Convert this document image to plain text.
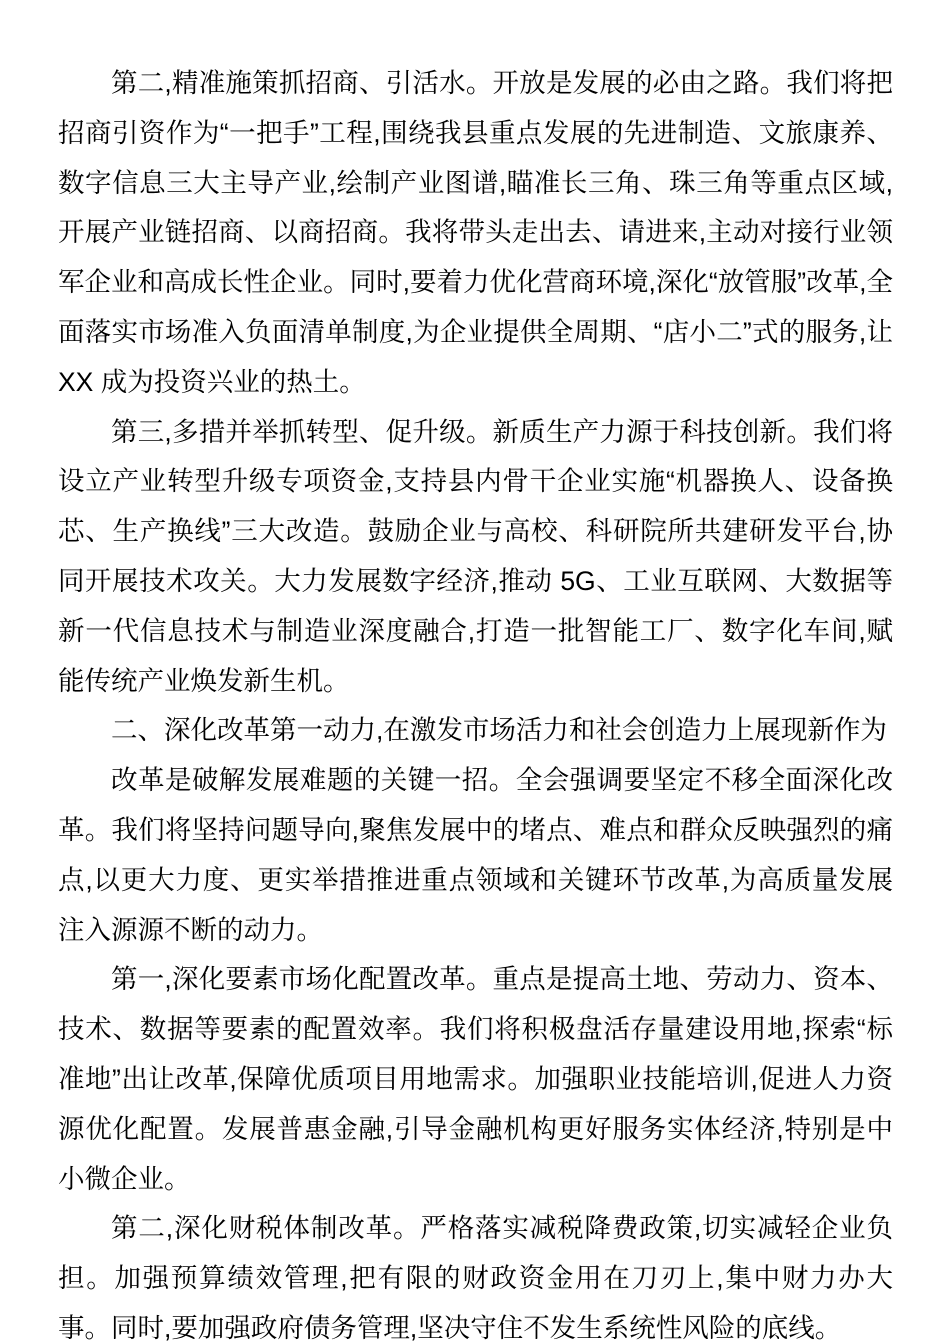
第二,精准施策抓招商、引活水。开放是发展的必由之路。我们将把招商引资作为“一把手”工程,围绕我县重点发展的先进制造、文旅康养、数字信息三大主导产业,绘制产业图谱,瞄准长三角、珠三角等重点区域,开展产业链招商、以商招商。我将带头走出去、请进来,主动对接行业领军企业和高成长性企业。同时,要着力优化营商环境,深化“放管服”改革,全面落实市场准入负面清单制度,为企业提供全周期、“店小二”式的服务,让 XX 成为投资兴业的热土。

第三,多措并举抓转型、促升级。新质生产力源于科技创新。我们将设立产业转型升级专项资金,支持县内骨干企业实施“机器换人、设备换芯、生产换线”三大改造。鼓励企业与高校、科研院所共建研发平台,协同开展技术攻关。大力发展数字经济,推动 5G、工业互联网、大数据等新一代信息技术与制造业深度融合,打造一批智能工厂、数字化车间,赋能传统产业焕发新生机。

二、深化改革第一动力,在激发市场活力和社会创造力上展现新作为

改革是破解发展难题的关键一招。全会强调要坚定不移全面深化改革。我们将坚持问题导向,聚焦发展中的堵点、难点和群众反映强烈的痛点,以更大力度、更实举措推进重点领域和关键环节改革,为高质量发展注入源源不断的动力。

第一,深化要素市场化配置改革。重点是提高土地、劳动力、资本、技术、数据等要素的配置效率。我们将积极盘活存量建设用地,探索“标准地”出让改革,保障优质项目用地需求。加强职业技能培训,促进人力资源优化配置。发展普惠金融,引导金融机构更好服务实体经济,特别是中小微企业。

第二,深化财税体制改革。严格落实减税降费政策,切实减轻企业负担。加强预算绩效管理,把有限的财政资金用在刀刃上,集中财力办大事。同时,要加强政府债务管理,坚决守住不发生系统性风险的底线。
